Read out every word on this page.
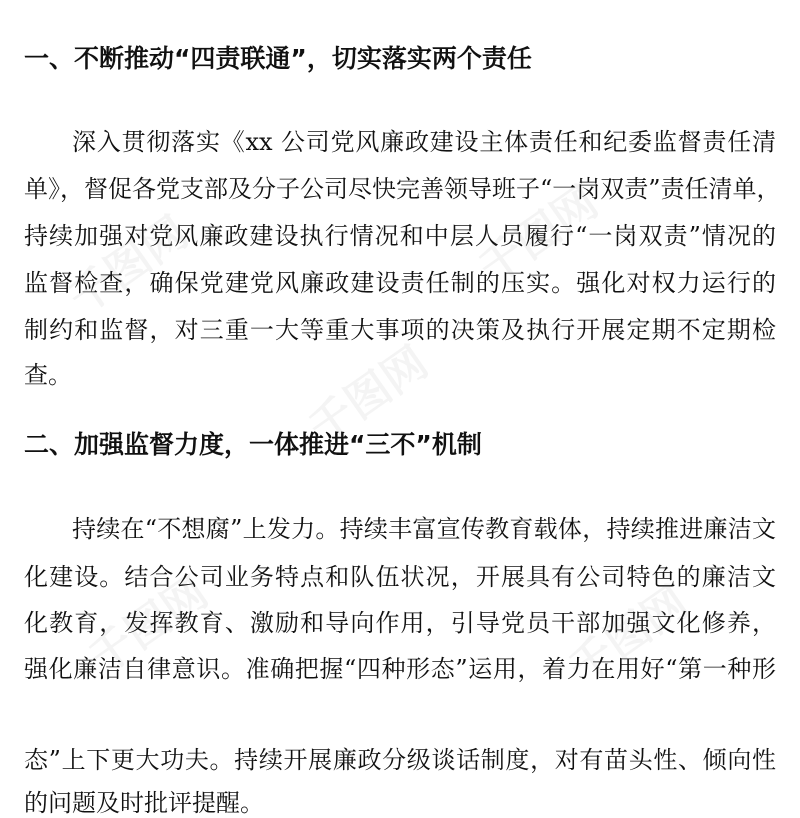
一、不断推动“四责联通”，切实落实两个责任
深入贯彻落实《xx 公司党风廉政建设主体责任和纪委监督责任清
单》，督促各党支部及分子公司尽快完善领导班子“一岗双责”责任清单，
持续加强对党风廉政建设执行情况和中层人员履行“一岗双责”情况的
监督检查，确保党建党风廉政建设责任制的压实。强化对权力运行的
制约和监督，对三重一大等重大事项的决策及执行开展定期不定期检
查。
二、加强监督力度，一体推进“三不”机制
持续在“不想腐”上发力。持续丰富宣传教育载体，持续推进廉洁文
化建设。结合公司业务特点和队伍状况，开展具有公司特色的廉洁文
化教育，发挥教育、激励和导向作用，引导党员干部加强文化修养，
强化廉洁自律意识。准确把握“四种形态”运用，着力在用好“第一种形
态”上下更大功夫。持续开展廉政分级谈话制度，对有苗头性、倾向性
的问题及时批评提醒。
千图网	千图网
千图网
千图网	千图网
